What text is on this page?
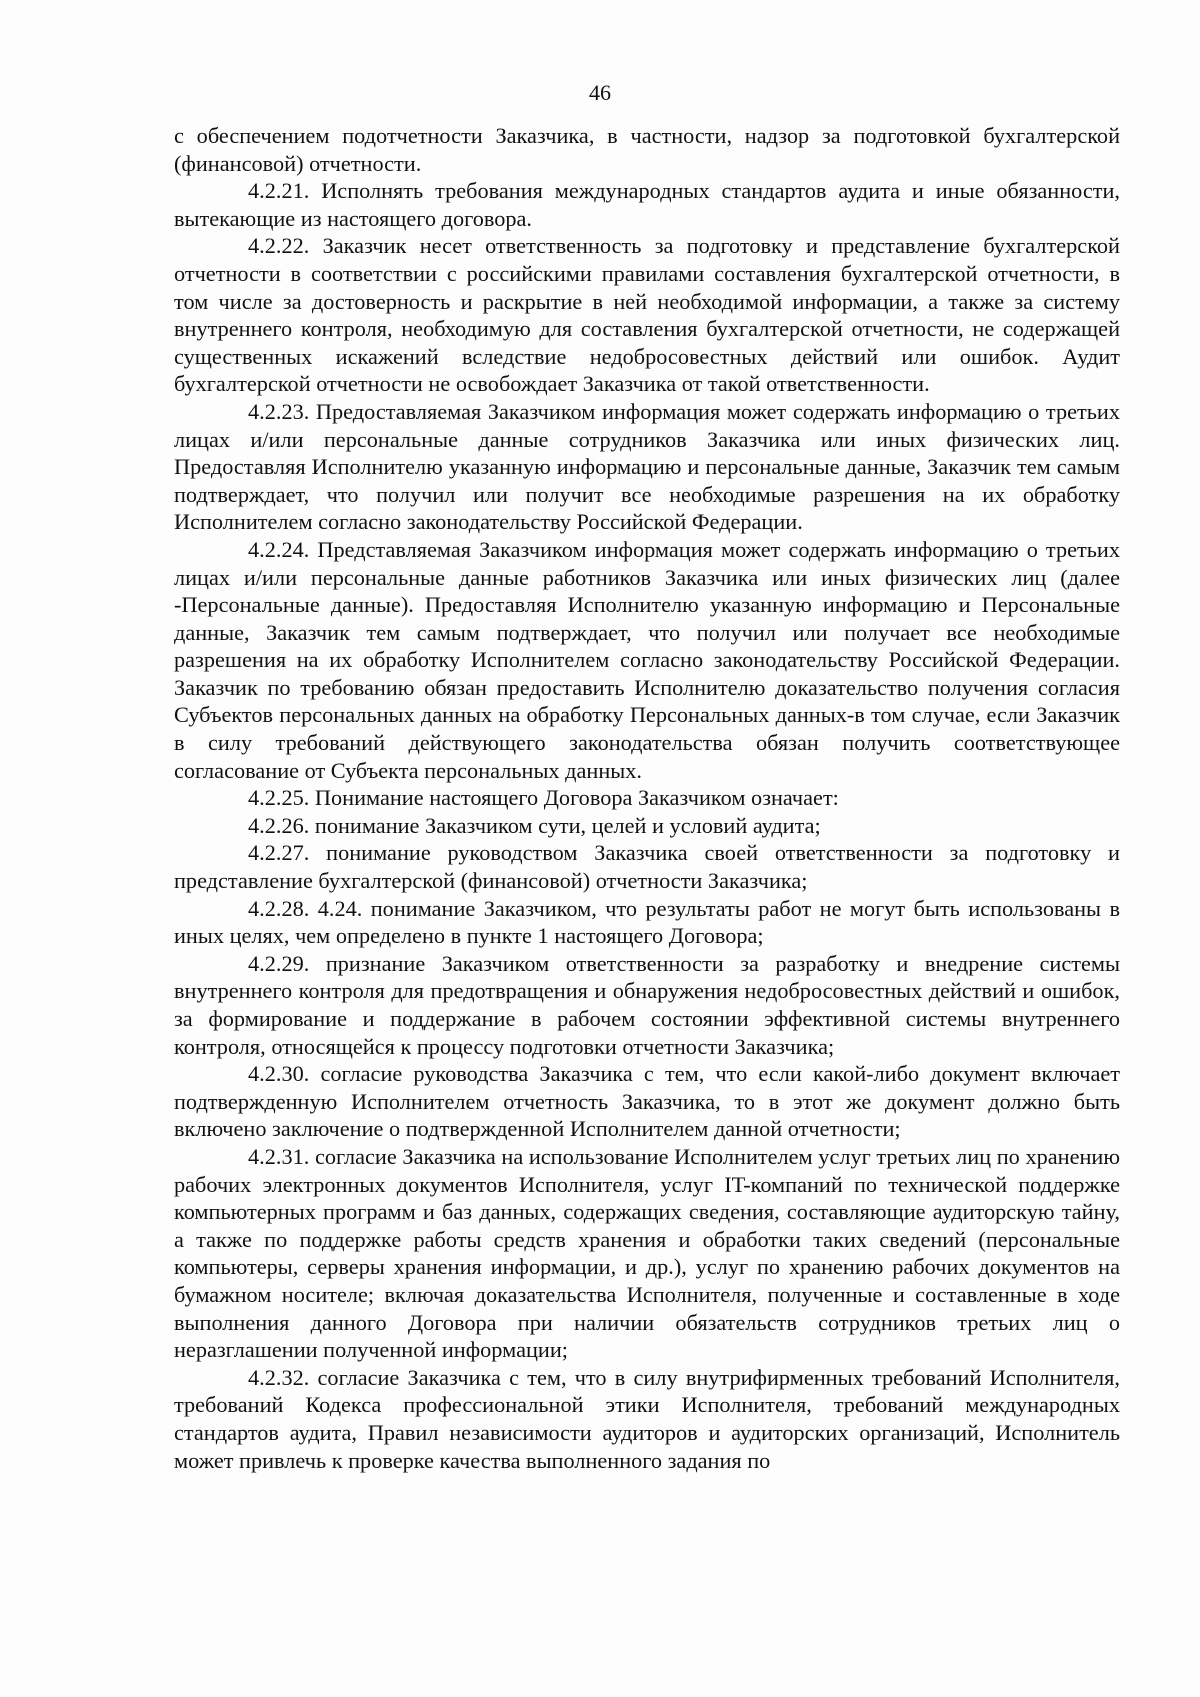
46

с обеспечением подотчетности Заказчика, в частности, надзор за подготовкой бухгалтерской (финансовой) отчетности.

4.2.21. Исполнять требования международных стандартов аудита и иные обязанности, вытекающие из настоящего договора.

4.2.22. Заказчик несет ответственность за подготовку и представление бухгалтерской отчетности в соответствии с российскими правилами составления бухгалтерской отчетности, в том числе за достоверность и раскрытие в ней необходимой информации, а также за систему внутреннего контроля, необходимую для составления бухгалтерской отчетности, не содержащей существенных искажений вследствие недобросовестных действий или ошибок. Аудит бухгалтерской отчетности не освобождает Заказчика от такой ответственности.

4.2.23. Предоставляемая Заказчиком информация может содержать информацию о третьих лицах и/или персональные данные сотрудников Заказчика или иных физических лиц. Предоставляя Исполнителю указанную информацию и персональные данные, Заказчик тем самым подтверждает, что получил или получит все необходимые разрешения на их обработку Исполнителем согласно законодательству Российской Федерации.

4.2.24. Представляемая Заказчиком информация может содержать информацию о третьих лицах и/или персональные данные работников Заказчика или иных физических лиц (далее -Персональные данные). Предоставляя Исполнителю указанную информацию и Персональные данные, Заказчик тем самым подтверждает, что получил или получает все необходимые разрешения на их обработку Исполнителем согласно законодательству Российской Федерации. Заказчик по требованию обязан предоставить Исполнителю доказательство получения согласия Субъектов персональных данных на обработку Персональных данных-в том случае, если Заказчик в силу требований действующего законодательства обязан получить соответствующее согласование от Субъекта персональных данных.

4.2.25. Понимание настоящего Договора Заказчиком означает:

4.2.26. понимание Заказчиком сути, целей и условий аудита;

4.2.27. понимание руководством Заказчика своей ответственности за подготовку и представление бухгалтерской (финансовой) отчетности Заказчика;

4.2.28. 4.24. понимание Заказчиком, что результаты работ не могут быть использованы в иных целях, чем определено в пункте 1 настоящего Договора;

4.2.29. признание Заказчиком ответственности за разработку и внедрение системы внутреннего контроля для предотвращения и обнаружения недобросовестных действий и ошибок, за формирование и поддержание в рабочем состоянии эффективной системы внутреннего контроля, относящейся к процессу подготовки отчетности Заказчика;

4.2.30. согласие руководства Заказчика с тем, что если какой-либо документ включает подтвержденную Исполнителем отчетность Заказчика, то в этот же документ должно быть включено заключение о подтвержденной Исполнителем данной отчетности;

4.2.31. согласие Заказчика на использование Исполнителем услуг третьих лиц по хранению рабочих электронных документов Исполнителя, услуг IT-компаний по технической поддержке компьютерных программ и баз данных, содержащих сведения, составляющие аудиторскую тайну, а также по поддержке работы средств хранения и обработки таких сведений (персональные компьютеры, серверы хранения информации, и др.), услуг по хранению рабочих документов на бумажном носителе; включая доказательства Исполнителя, полученные и составленные в ходе выполнения данного Договора при наличии обязательств сотрудников третьих лиц о неразглашении полученной информации;

4.2.32. согласие Заказчика с тем, что в силу внутрифирменных требований Исполнителя, требований Кодекса профессиональной этики Исполнителя, требований международных стандартов аудита, Правил независимости аудиторов и аудиторских организаций, Исполнитель может привлечь к проверке качества выполненного задания по
